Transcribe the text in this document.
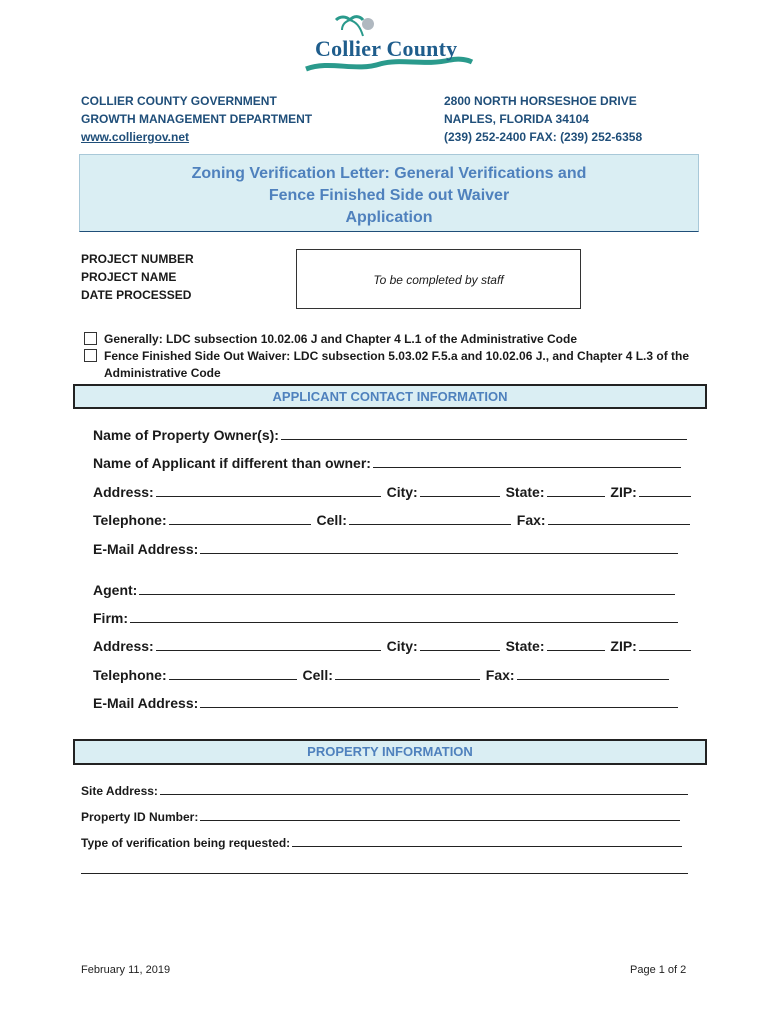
Collier County
COLLIER COUNTY GOVERNMENT
GROWTH MANAGEMENT DEPARTMENT
www.colliergov.net
2800 NORTH HORSESHOE DRIVE
NAPLES, FLORIDA 34104
(239) 252-2400 FAX: (239) 252-6358
Zoning Verification Letter: General Verifications and
Fence Finished Side out Waiver
Application
PROJECT NUMBER
PROJECT NAME
DATE PROCESSED
To be completed by staff
Generally: LDC subsection 10.02.06 J and Chapter 4 L.1 of the Administrative Code
Fence Finished Side Out Waiver: LDC subsection 5.03.02 F.5.a and 10.02.06 J., and Chapter 4 L.3 of the Administrative Code
APPLICANT CONTACT INFORMATION
Name of Property Owner(s):
Name of Applicant if different than owner:
Address:	City:	State:	ZIP:
Telephone:	Cell:	Fax:
E-Mail Address:
Agent:
Firm:
Address:	City:	State:	ZIP:
Telephone:	Cell:	Fax:
E-Mail Address:
PROPERTY INFORMATION
Site Address:
Property ID Number:
Type of verification being requested:
February 11, 2019	Page 1 of 2
